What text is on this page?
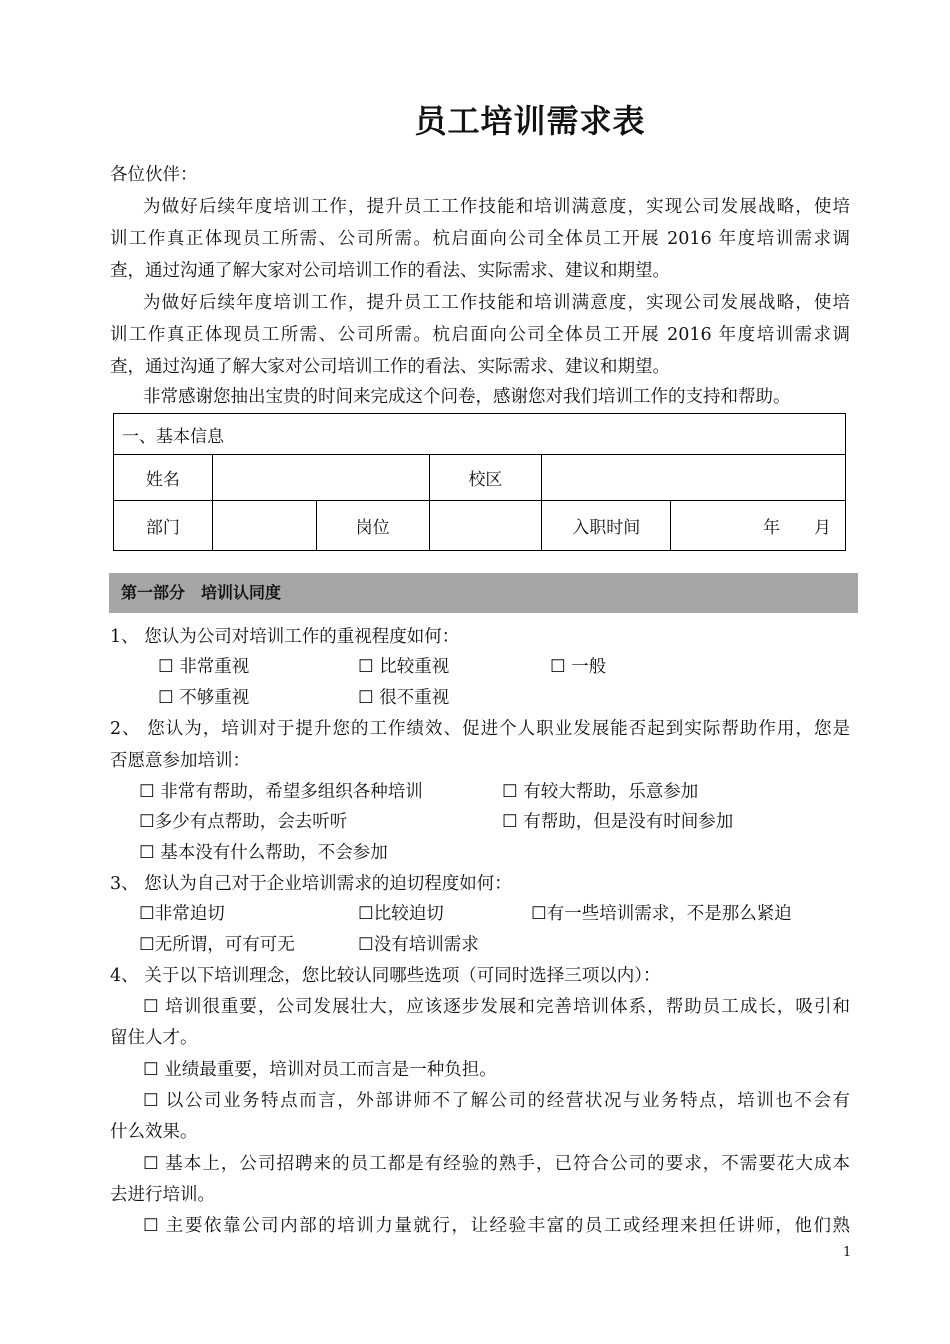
员工培训需求表
各位伙伴：
为做好后续年度培训工作，提升员工工作技能和培训满意度，实现公司发展战略，使培
训工作真正体现员工所需、公司所需。杭启面向公司全体员工开展 2016 年度培训需求调
查，通过沟通了解大家对公司培训工作的看法、实际需求、建议和期望。
为做好后续年度培训工作，提升员工工作技能和培训满意度，实现公司发展战略，使培
训工作真正体现员工所需、公司所需。杭启面向公司全体员工开展 2016 年度培训需求调
查，通过沟通了解大家对公司培训工作的看法、实际需求、建议和期望。
非常感谢您抽出宝贵的时间来完成这个问卷，感谢您对我们培训工作的支持和帮助。
一、基本信息					
姓名			校区		
部门		岗位		入职时间	年　　月
第一部分　培训认同度
1、 您认为公司对培训工作的重视程度如何：
☐ 非常重视	☐ 比较重视	☐ 一般
☐ 不够重视	☐ 很不重视
2、 您认为，培训对于提升您的工作绩效、促进个人职业发展能否起到实际帮助作用，您是
否愿意参加培训：
☐ 非常有帮助，希望多组织各种培训	☐ 有较大帮助，乐意参加
☐多少有点帮助，会去听听	☐ 有帮助，但是没有时间参加
☐ 基本没有什么帮助，不会参加
3、 您认为自己对于企业培训需求的迫切程度如何：
☐非常迫切	☐比较迫切	☐有一些培训需求，不是那么紧迫
☐无所谓，可有可无	☐没有培训需求
4、 关于以下培训理念，您比较认同哪些选项（可同时选择三项以内）：
☐ 培训很重要，公司发展壮大，应该逐步发展和完善培训体系，帮助员工成长，吸引和
留住人才。
☐ 业绩最重要，培训对员工而言是一种负担。
☐ 以公司业务特点而言，外部讲师不了解公司的经营状况与业务特点，培训也不会有
什么效果。
☐ 基本上，公司招聘来的员工都是有经验的熟手，已符合公司的要求，不需要花大成本
去进行培训。
☐ 主要依靠公司内部的培训力量就行，让经验丰富的员工或经理来担任讲师，他们熟
1
